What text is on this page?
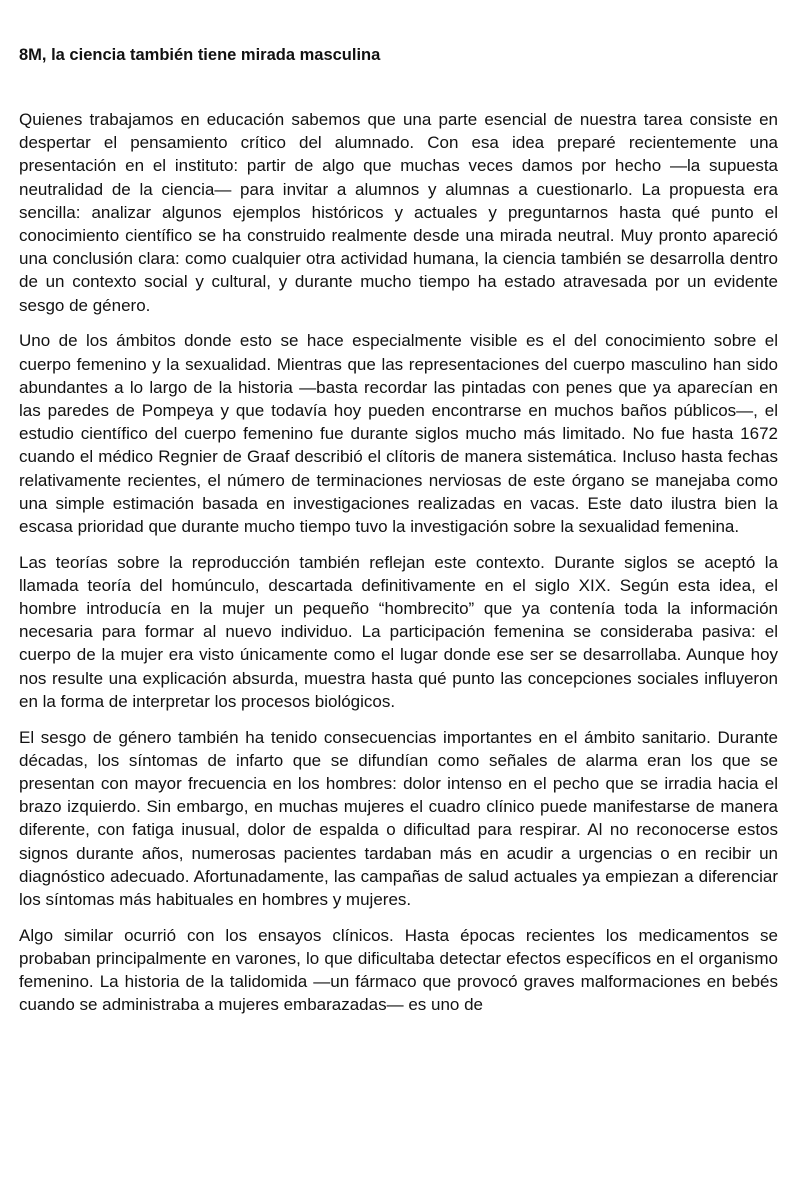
8M, la ciencia también tiene mirada masculina

Quienes trabajamos en educación sabemos que una parte esencial de nuestra tarea consiste en despertar el pensamiento crítico del alumnado. Con esa idea preparé recientemente una presentación en el instituto: partir de algo que muchas veces damos por hecho —la supuesta neutralidad de la ciencia— para invitar a alumnos y alumnas a cuestionarlo. La propuesta era sencilla: analizar algunos ejemplos históricos y actuales y preguntarnos hasta qué punto el conocimiento científico se ha construido realmente desde una mirada neutral. Muy pronto apareció una conclusión clara: como cualquier otra actividad humana, la ciencia también se desarrolla dentro de un contexto social y cultural, y durante mucho tiempo ha estado atravesada por un evidente sesgo de género.

Uno de los ámbitos donde esto se hace especialmente visible es el del conocimiento sobre el cuerpo femenino y la sexualidad. Mientras que las representaciones del cuerpo masculino han sido abundantes a lo largo de la historia —basta recordar las pintadas con penes que ya aparecían en las paredes de Pompeya y que todavía hoy pueden encontrarse en muchos baños públicos—, el estudio científico del cuerpo femenino fue durante siglos mucho más limitado. No fue hasta 1672 cuando el médico Regnier de Graaf describió el clítoris de manera sistemática. Incluso hasta fechas relativamente recientes, el número de terminaciones nerviosas de este órgano se manejaba como una simple estimación basada en investigaciones realizadas en vacas. Este dato ilustra bien la escasa prioridad que durante mucho tiempo tuvo la investigación sobre la sexualidad femenina.

Las teorías sobre la reproducción también reflejan este contexto. Durante siglos se aceptó la llamada teoría del homúnculo, descartada definitivamente en el siglo XIX. Según esta idea, el hombre introducía en la mujer un pequeño “hombrecito” que ya contenía toda la información necesaria para formar al nuevo individuo. La participación femenina se consideraba pasiva: el cuerpo de la mujer era visto únicamente como el lugar donde ese ser se desarrollaba. Aunque hoy nos resulte una explicación absurda, muestra hasta qué punto las concepciones sociales influyeron en la forma de interpretar los procesos biológicos.

El sesgo de género también ha tenido consecuencias importantes en el ámbito sanitario. Durante décadas, los síntomas de infarto que se difundían como señales de alarma eran los que se presentan con mayor frecuencia en los hombres: dolor intenso en el pecho que se irradia hacia el brazo izquierdo. Sin embargo, en muchas mujeres el cuadro clínico puede manifestarse de manera diferente, con fatiga inusual, dolor de espalda o dificultad para respirar. Al no reconocerse estos signos durante años, numerosas pacientes tardaban más en acudir a urgencias o en recibir un diagnóstico adecuado. Afortunadamente, las campañas de salud actuales ya empiezan a diferenciar los síntomas más habituales en hombres y mujeres.

Algo similar ocurrió con los ensayos clínicos. Hasta épocas recientes los medicamentos se probaban principalmente en varones, lo que dificultaba detectar efectos específicos en el organismo femenino. La historia de la talidomida —un fármaco que provocó graves malformaciones en bebés cuando se administraba a mujeres embarazadas— es uno de
